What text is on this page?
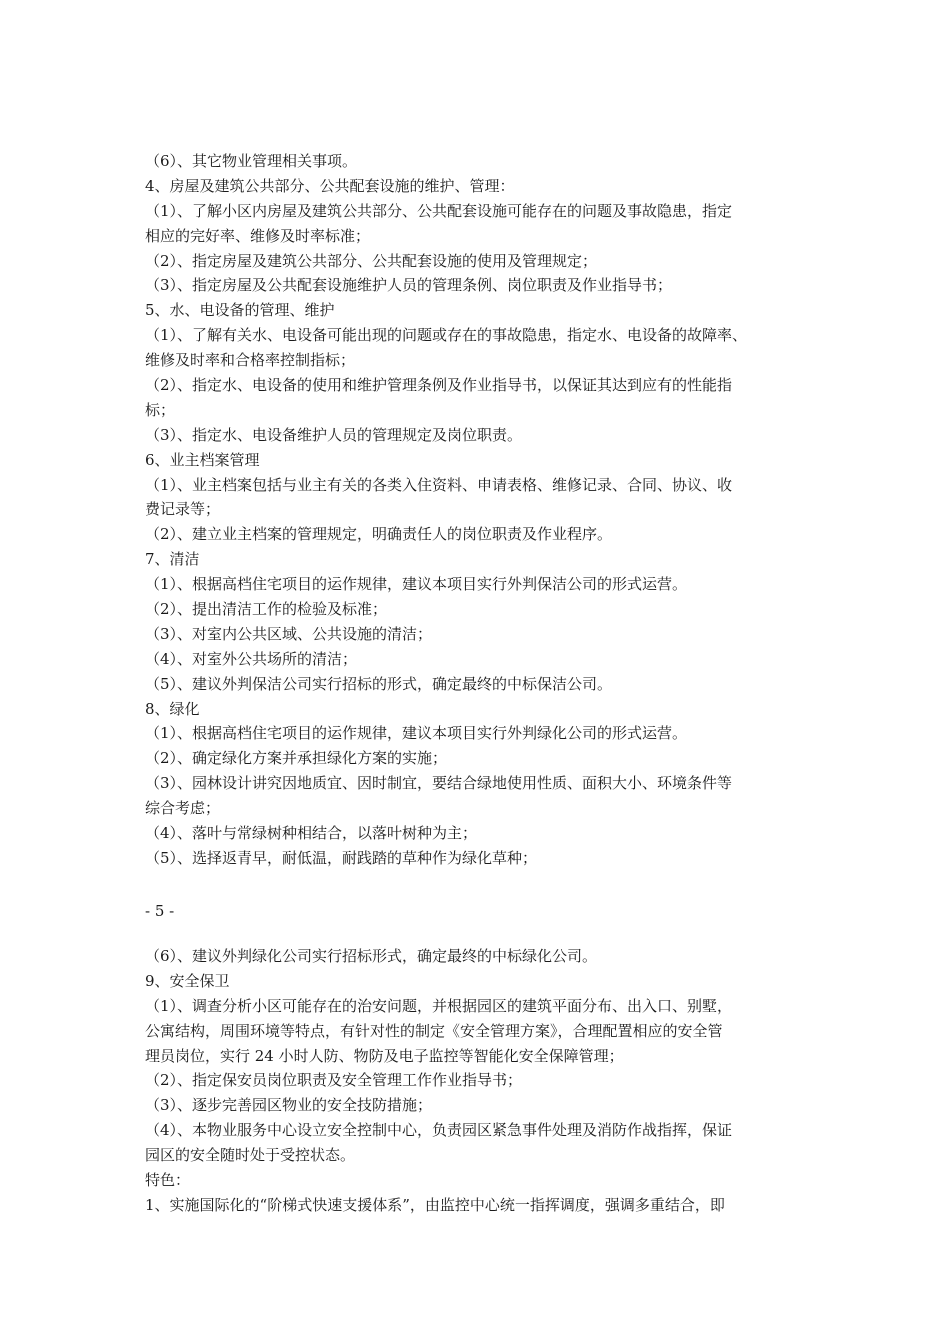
（6）、其它物业管理相关事项。
4、房屋及建筑公共部分、公共配套设施的维护、管理：
（1）、了解小区内房屋及建筑公共部分、公共配套设施可能存在的问题及事故隐患，指定
相应的完好率、维修及时率标准；
（2）、指定房屋及建筑公共部分、公共配套设施的使用及管理规定；
（3）、指定房屋及公共配套设施维护人员的管理条例、岗位职责及作业指导书；
5、水、电设备的管理、维护
（1）、了解有关水、电设备可能出现的问题或存在的事故隐患，指定水、电设备的故障率、
维修及时率和合格率控制指标；
（2）、指定水、电设备的使用和维护管理条例及作业指导书，以保证其达到应有的性能指
标；
（3）、指定水、电设备维护人员的管理规定及岗位职责。
6、业主档案管理
（1）、业主档案包括与业主有关的各类入住资料、申请表格、维修记录、合同、协议、收
费记录等；
（2）、建立业主档案的管理规定，明确责任人的岗位职责及作业程序。
7、清洁
（1）、根据高档住宅项目的运作规律，建议本项目实行外判保洁公司的形式运营。
（2）、提出清洁工作的检验及标准；
（3）、对室内公共区域、公共设施的清洁；
（4）、对室外公共场所的清洁；
（5）、建议外判保洁公司实行招标的形式，确定最终的中标保洁公司。
8、绿化
（1）、根据高档住宅项目的运作规律，建议本项目实行外判绿化公司的形式运营。
（2）、确定绿化方案并承担绿化方案的实施；
（3）、园林设计讲究因地质宜、因时制宜，要结合绿地使用性质、面积大小、环境条件等
综合考虑；
（4）、落叶与常绿树种相结合，以落叶树种为主；
（5）、选择返青早，耐低温，耐践踏的草种作为绿化草种；
- 5 -
（6）、建议外判绿化公司实行招标形式，确定最终的中标绿化公司。
9、安全保卫
（1）、调查分析小区可能存在的治安问题，并根据园区的建筑平面分布、出入口、别墅，
公寓结构，周围环境等特点，有针对性的制定《安全管理方案》，合理配置相应的安全管
理员岗位，实行 24 小时人防、物防及电子监控等智能化安全保障管理；
（2）、指定保安员岗位职责及安全管理工作作业指导书；
（3）、逐步完善园区物业的安全技防措施；
（4）、本物业服务中心设立安全控制中心，负责园区紧急事件处理及消防作战指挥，保证
园区的安全随时处于受控状态。
特色：
1、实施国际化的“阶梯式快速支援体系”，由监控中心统一指挥调度，强调多重结合，即
